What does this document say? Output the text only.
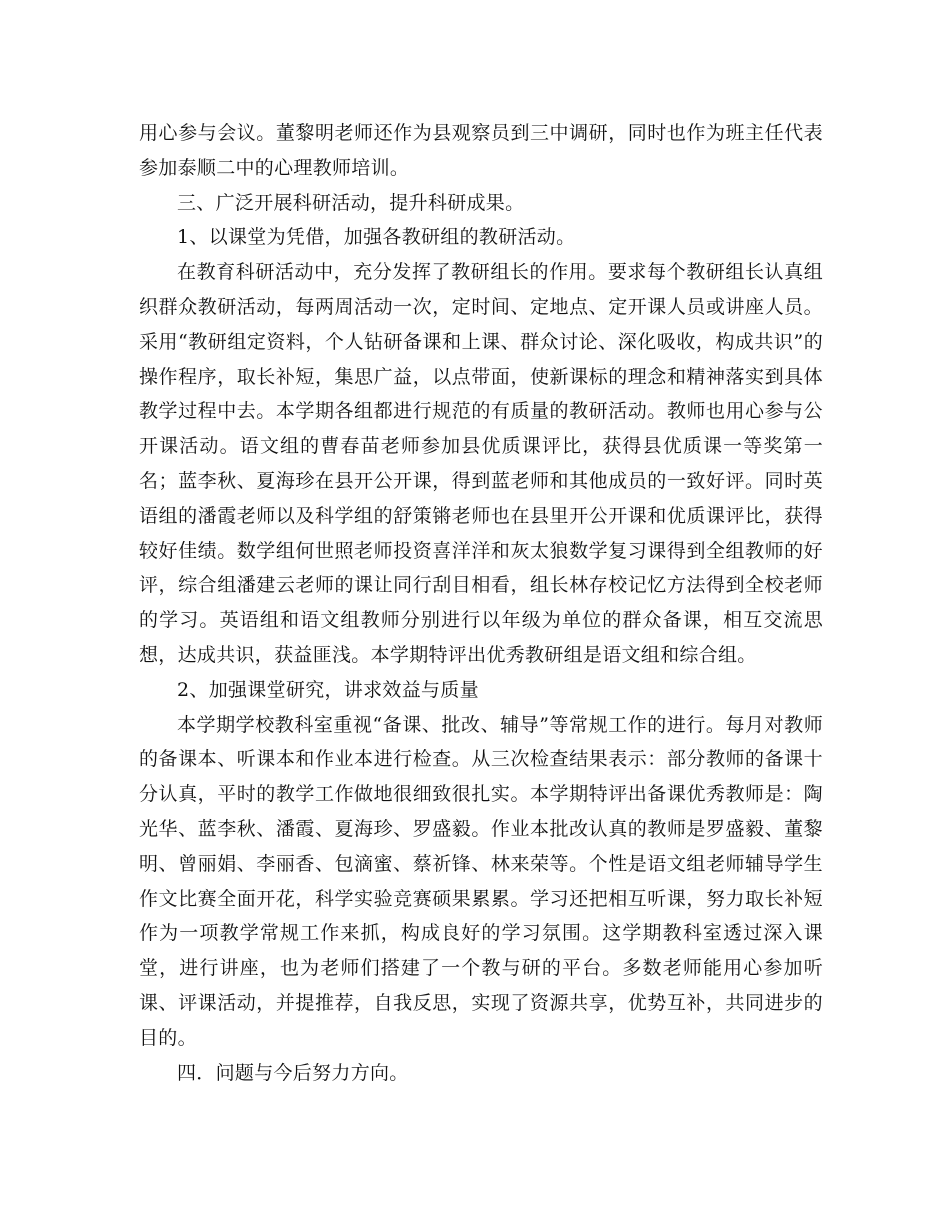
用心参与会议。董黎明老师还作为县观察员到三中调研，同时也作为班主任代表参加泰顺二中的心理教师培训。

三、广泛开展科研活动，提升科研成果。

1、以课堂为凭借，加强各教研组的教研活动。

在教育科研活动中，充分发挥了教研组长的作用。要求每个教研组长认真组织群众教研活动，每两周活动一次，定时间、定地点、定开课人员或讲座人员。采用“教研组定资料，个人钻研备课和上课、群众讨论、深化吸收，构成共识”的操作程序，取长补短，集思广益，以点带面，使新课标的理念和精神落实到具体教学过程中去。本学期各组都进行规范的有质量的教研活动。教师也用心参与公开课活动。语文组的曹春苗老师参加县优质课评比，获得县优质课一等奖第一名；蓝李秋、夏海珍在县开公开课，得到蓝老师和其他成员的一致好评。同时英语组的潘霞老师以及科学组的舒策锵老师也在县里开公开课和优质课评比，获得较好佳绩。数学组何世照老师投资喜洋洋和灰太狼数学复习课得到全组教师的好评，综合组潘建云老师的课让同行刮目相看，组长林存校记忆方法得到全校老师的学习。英语组和语文组教师分别进行以年级为单位的群众备课，相互交流思想，达成共识，获益匪浅。本学期特评出优秀教研组是语文组和综合组。

2、加强课堂研究，讲求效益与质量

本学期学校教科室重视“备课、批改、辅导”等常规工作的进行。每月对教师的备课本、听课本和作业本进行检查。从三次检查结果表示：部分教师的备课十分认真，平时的教学工作做地很细致很扎实。本学期特评出备课优秀教师是：陶光华、蓝李秋、潘霞、夏海珍、罗盛毅。作业本批改认真的教师是罗盛毅、董黎明、曾丽娟、李丽香、包滴蜜、蔡祈锋、林来荣等。个性是语文组老师辅导学生作文比赛全面开花，科学实验竞赛硕果累累。学习还把相互听课，努力取长补短作为一项教学常规工作来抓，构成良好的学习氛围。这学期教科室透过深入课堂，进行讲座，也为老师们搭建了一个教与研的平台。多数老师能用心参加听课、评课活动，并提推荐，自我反思，实现了资源共享，优势互补，共同进步的目的。

四．问题与今后努力方向。
